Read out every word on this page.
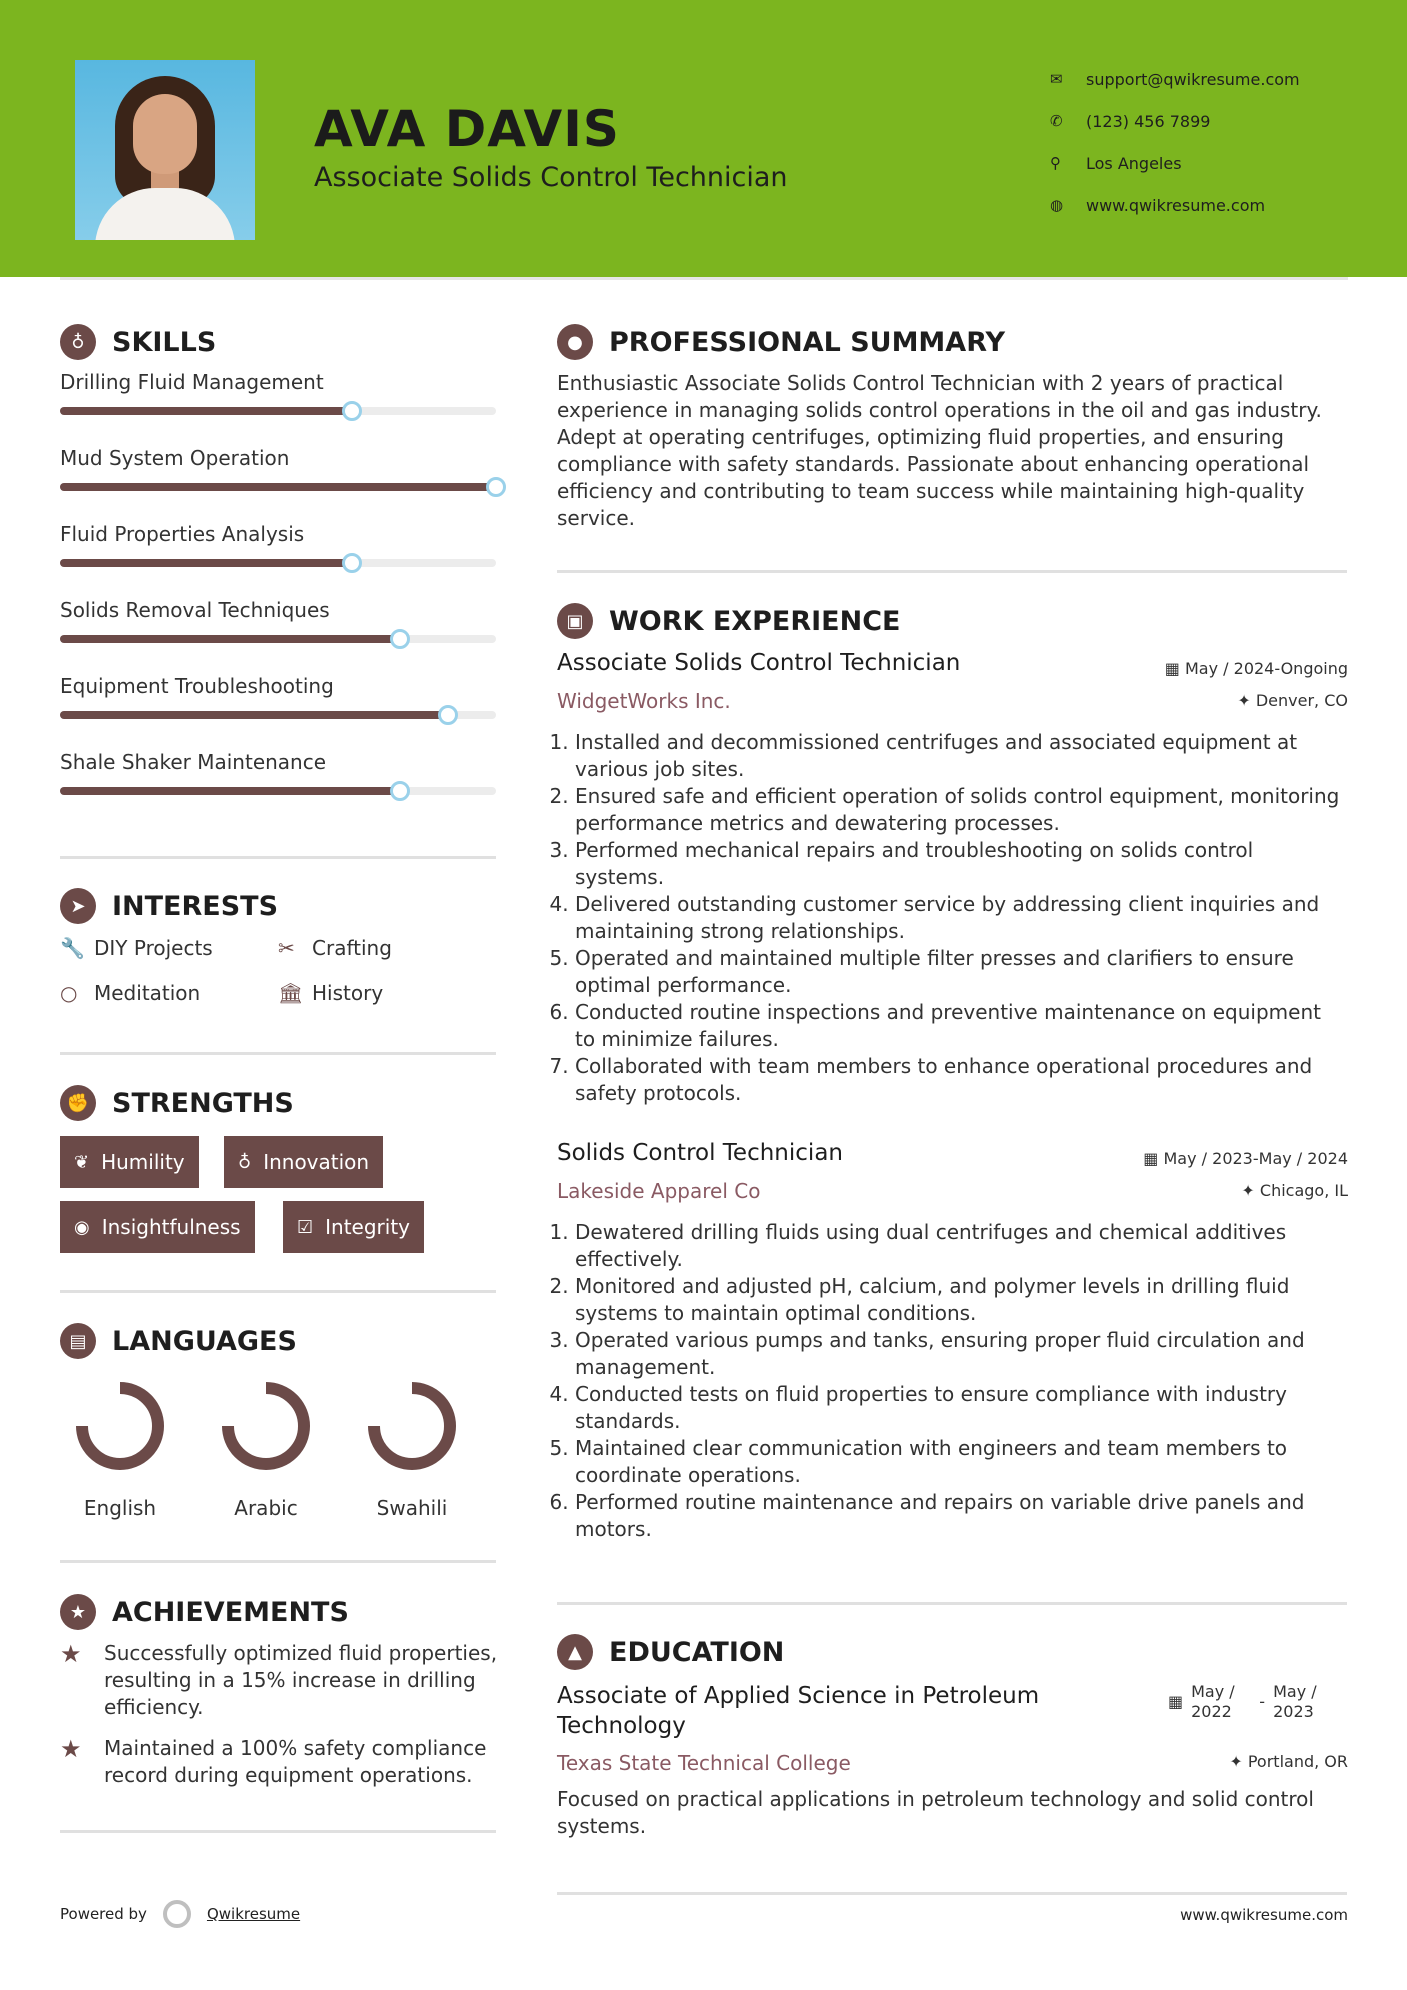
AVA DAVIS
Associate Solids Control Technician
✉	support@qwikresume.com
✆	(123) 456 7899
⚲	Los Angeles
◍	www.qwikresume.com
♁	SKILLS
Drilling Fluid Management
Mud System Operation
Fluid Properties Analysis
Solids Removal Techniques
Equipment Troubleshooting
Shale Shaker Maintenance
➤ INTERESTS
🔧 DIY Projects	✂ Crafting
○ Meditation	🏛 History
✊ STRENGTHS
❦ Humility	♁ Innovation
◉ Insightfulness	☑ Integrity
▤ LANGUAGES
English	Arabic	Swahili
★ ACHIEVEMENTS
★	Successfully optimized fluid properties, resulting in a 15% increase in drilling efficiency.
★	Maintained a 100% safety compliance record during equipment operations.
● PROFESSIONAL SUMMARY
Enthusiastic Associate Solids Control Technician with 2 years of practical experience in managing solids control operations in the oil and gas industry. Adept at operating centrifuges, optimizing fluid properties, and ensuring compliance with safety standards. Passionate about enhancing operational efficiency and contributing to team success while maintaining high-quality service.
▣ WORK EXPERIENCE
Associate Solids Control Technician
WidgetWorks Inc.
▦ May / 2024-Ongoing
✦ Denver, CO
1. Installed and decommissioned centrifuges and associated equipment at various job sites.
2. Ensured safe and efficient operation of solids control equipment, monitoring performance metrics and dewatering processes.
3. Performed mechanical repairs and troubleshooting on solids control systems.
4. Delivered outstanding customer service by addressing client inquiries and maintaining strong relationships.
5. Operated and maintained multiple filter presses and clarifiers to ensure optimal performance.
6. Conducted routine inspections and preventive maintenance on equipment to minimize failures.
7. Collaborated with team members to enhance operational procedures and safety protocols.
Solids Control Technician
Lakeside Apparel Co
▦ May / 2023-May / 2024
✦ Chicago, IL
1. Dewatered drilling fluids using dual centrifuges and chemical additives effectively.
2. Monitored and adjusted pH, calcium, and polymer levels in drilling fluid systems to maintain optimal conditions.
3. Operated various pumps and tanks, ensuring proper fluid circulation and management.
4. Conducted tests on fluid properties to ensure compliance with industry standards.
5. Maintained clear communication with engineers and team members to coordinate operations.
6. Performed routine maintenance and repairs on variable drive panels and motors.
▲	EDUCATION
Associate of Applied Science in Petroleum Technology
▦
May / 2022
-
May / 2023
Texas State Technical College	✦ Portland, OR
Focused on practical applications in petroleum technology and solid control systems.
Powered by	Qwikresume	www.qwikresume.com
